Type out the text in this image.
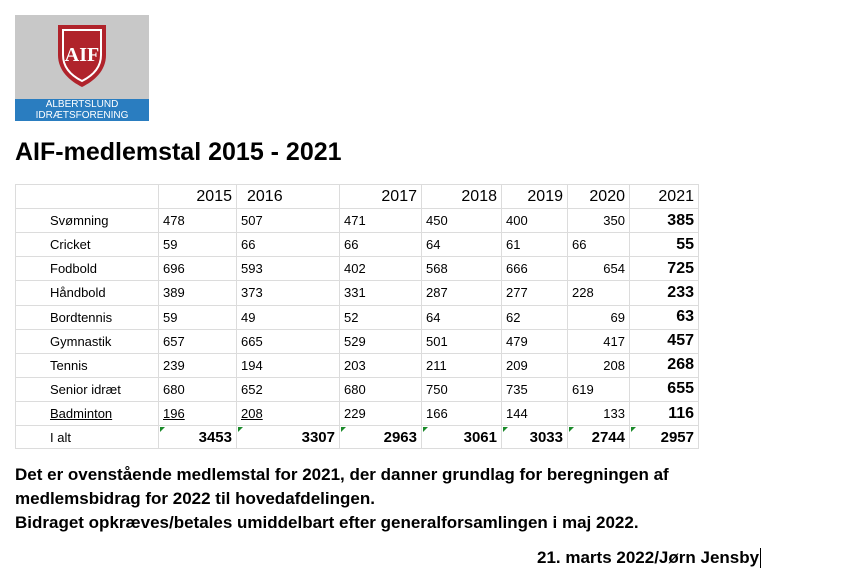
AIF
ALBERTSLUND
IDRÆTSFORENING
AIF-medlemstal 2015 - 2021
	2015	2016	2017	2018	2019	2020	2021
Svømning	478	507	471	450	400	350	385
Cricket	59	66	66	64	61	66	55
Fodbold	696	593	402	568	666	654	725
Håndbold	389	373	331	287	277	228	233
Bordtennis	59	49	52	64	62	69	63
Gymnastik	657	665	529	501	479	417	457
Tennis	239	194	203	211	209	208	268
Senior idræt	680	652	680	750	735	619	655
Badminton	196	208	229	166	144	133	116
I alt	3453	3307	2963	3061	3033	2744	2957
Det er ovenstående medlemstal for 2021, der danner grundlag for beregningen af
medlemsbidrag for 2022 til hovedafdelingen.
Bidraget opkræves/betales umiddelbart efter generalforsamlingen i maj 2022.
21. marts 2022/Jørn Jensby
